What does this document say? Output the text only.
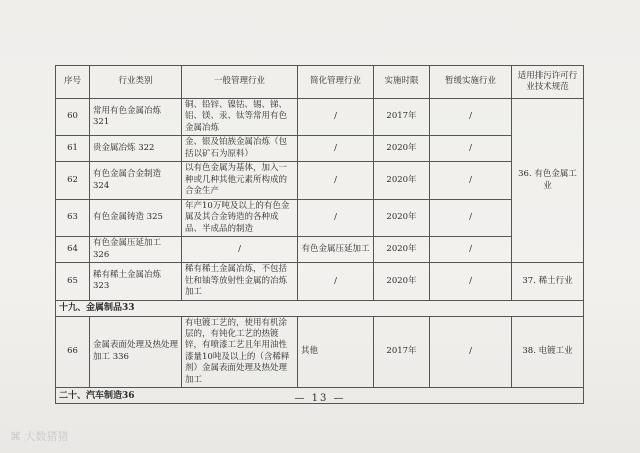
序号	行业类别	一般管理行业	简化管理行业	实施时限	暂缓实施行业	适用排污许可行业技术规范
60	常用有色金属冶炼 321	铜、铅锌、镍钴、锡、锑、铝、镁、汞、钛等常用有色金属冶炼	/	2017年	/	36. 有色金属工业
61	贵金属冶炼 322	金、银及铂族金属冶炼（包括以矿石为原料）	/	2020年	/	
62	有色金属合金制造 324	以有色金属为基体，加入一种或几种其他元素所构成的合金生产	/	2020年	/	
63	有色金属铸造 325	年产10万吨及以上的有色金属及其合金铸造的各种成品、半成品的制造	/	2020年	/	
64	有色金属压延加工 326	/	有色金属压延加工	2020年	/	
65	稀有稀土金属冶炼 323	稀有稀土金属冶炼，不包括钍和铀等放射性金属的冶炼加工	/	2020年	/	37. 稀土行业
十九、金属制品33						
66	金属表面处理及热处理加工 336	有电镀工艺的，使用有机涂层的，有钝化工艺的热镀锌，有喷漆工艺且年用油性漆量10吨及以上的（含稀释剂）金属表面处理及热处理加工	其他	2017年	/	38. 电镀工业
二十、汽车制造36							— 13 —
⌘ 大数猪猪
